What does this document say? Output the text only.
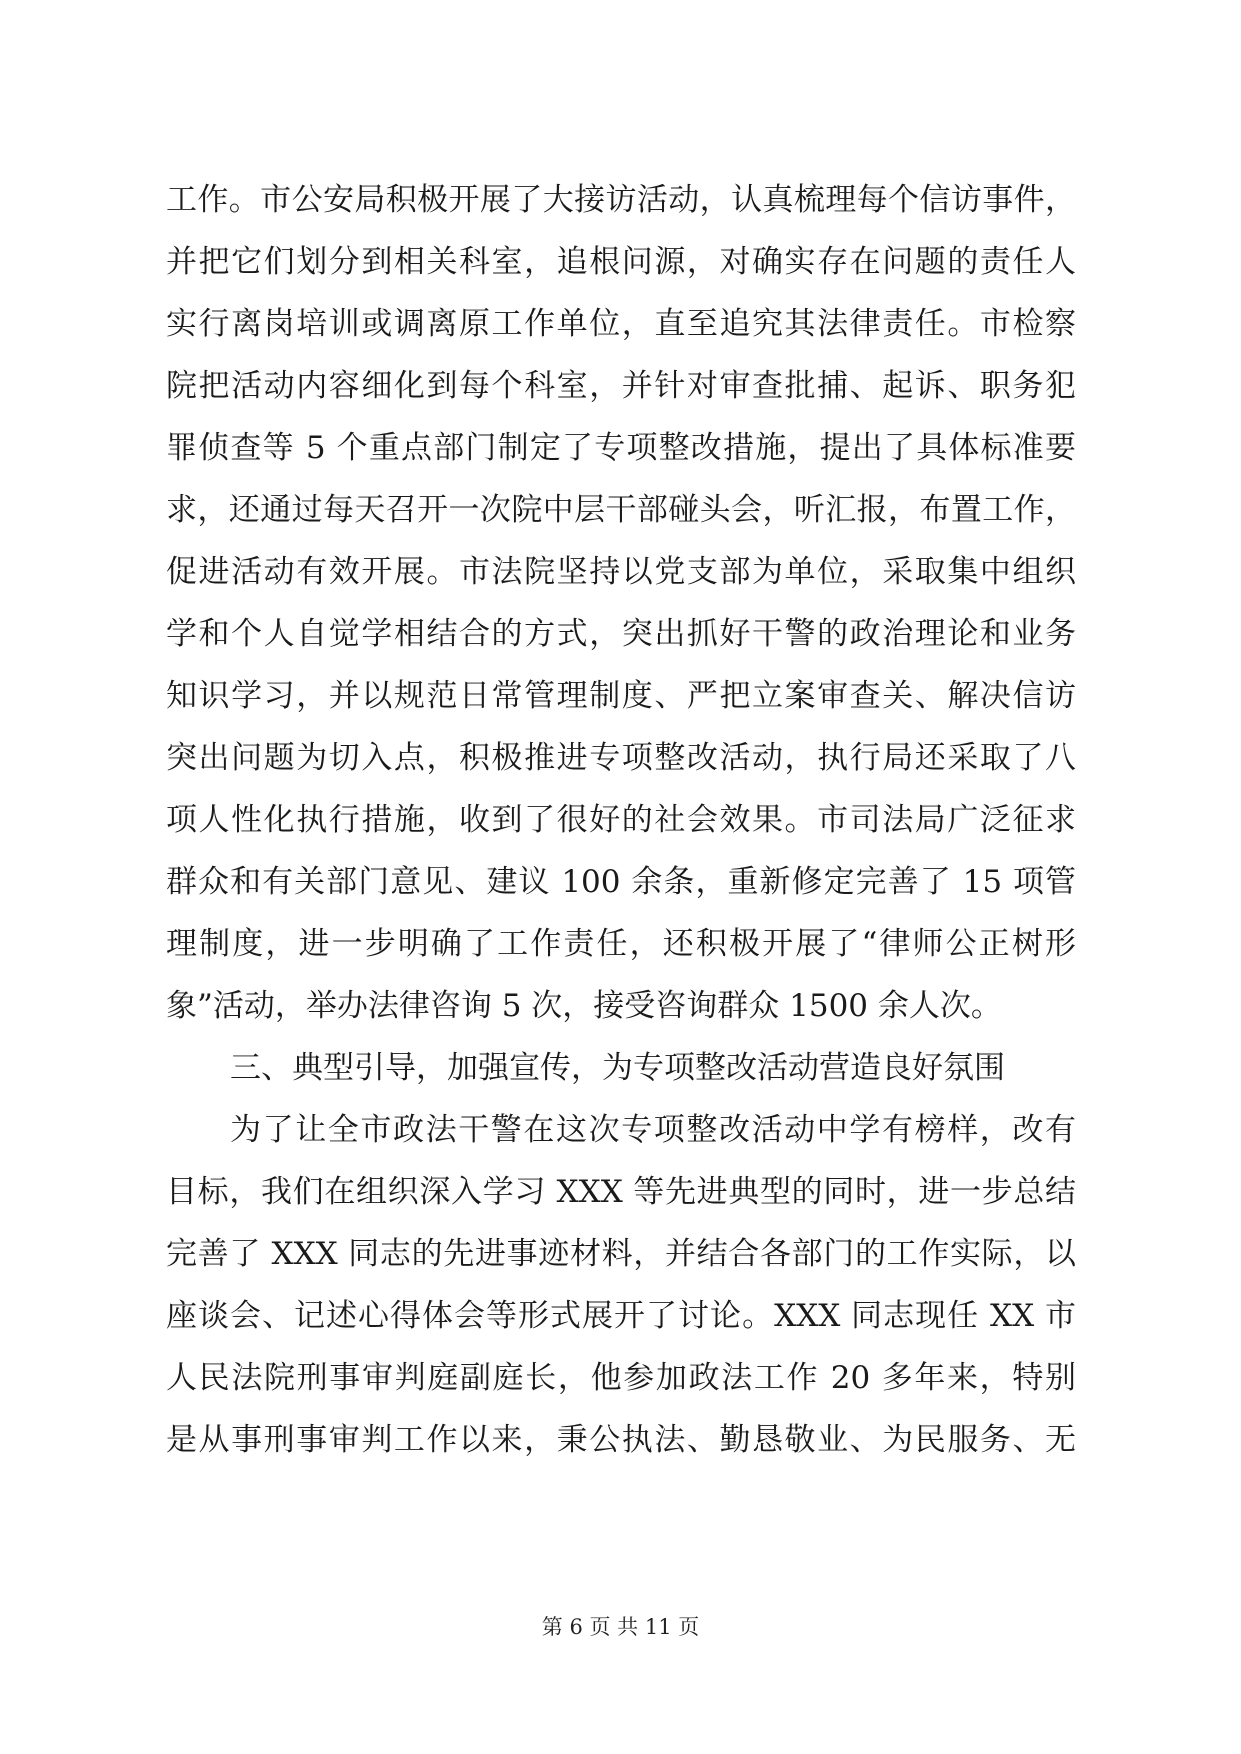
工作。市公安局积极开展了大接访活动，认真梳理每个信访事件，
并把它们划分到相关科室，追根问源，对确实存在问题的责任人
实行离岗培训或调离原工作单位，直至追究其法律责任。市检察
院把活动内容细化到每个科室，并针对审查批捕、起诉、职务犯
罪侦查等 5 个重点部门制定了专项整改措施，提出了具体标准要
求，还通过每天召开一次院中层干部碰头会，听汇报，布置工作，
促进活动有效开展。市法院坚持以党支部为单位，采取集中组织
学和个人自觉学相结合的方式，突出抓好干警的政治理论和业务
知识学习，并以规范日常管理制度、严把立案审查关、解决信访
突出问题为切入点，积极推进专项整改活动，执行局还采取了八
项人性化执行措施，收到了很好的社会效果。市司法局广泛征求
群众和有关部门意见、建议 100 余条，重新修定完善了 15 项管
理制度，进一步明确了工作责任，还积极开展了“律师公正树形
象”活动，举办法律咨询 5 次，接受咨询群众 1500 余人次。
三、典型引导，加强宣传，为专项整改活动营造良好氛围
为了让全市政法干警在这次专项整改活动中学有榜样，改有
目标，我们在组织深入学习 XXX 等先进典型的同时，进一步总结
完善了 XXX 同志的先进事迹材料，并结合各部门的工作实际，以
座谈会、记述心得体会等形式展开了讨论。XXX 同志现任 XX 市
人民法院刑事审判庭副庭长，他参加政法工作 20 多年来，特别
是从事刑事审判工作以来，秉公执法、勤恳敬业、为民服务、无
第 6 页 共 11 页
